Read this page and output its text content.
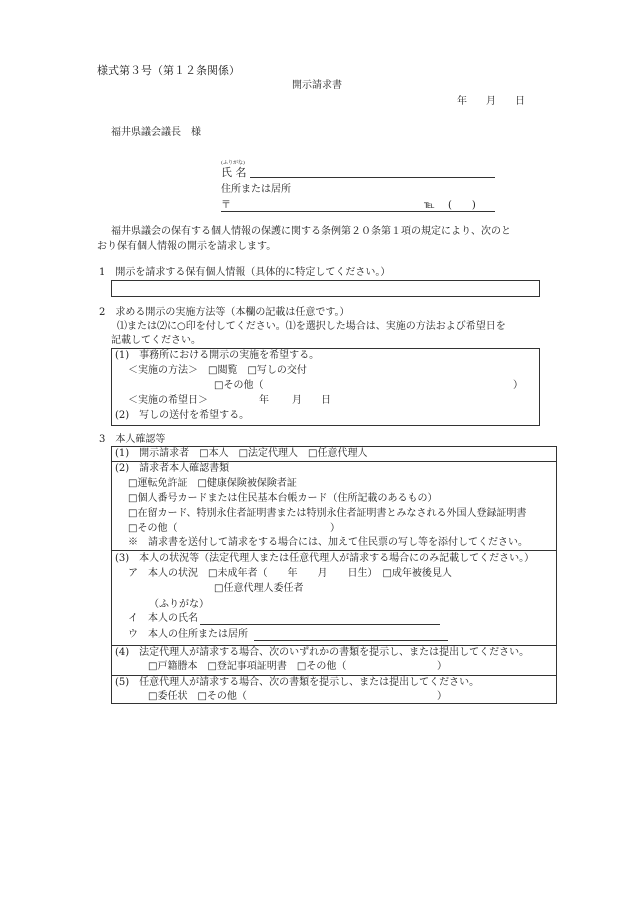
様式第３号（第１２条関係）
開示請求書
年 月 日
福井県議会議長　様
(ふりがな)
氏 名
住所または居所
〒	℡ (　　)
福井県議会の保有する個人情報の保護に関する条例第２０条第１項の規定により、次のと
おり保有個人情報の開示を請求します。
1　開示を請求する保有個人情報（具体的に特定してください。）
2　求める開示の実施方法等（本欄の記載は任意です。）
⑴または⑵に○印を付してください。⑴を選択した場合は、実施の方法および希望日を
記載してください。
(1)　事務所における開示の実施を希望する。
＜実施の方法＞　□閲覧　□写しの交付
□その他（	）
＜実施の希望日＞	年 月 日
(2)　写しの送付を希望する。
3　本人確認等
(1)　開示請求者　□本人　□法定代理人　□任意代理人
(2)　請求者本人確認書類
□運転免許証　□健康保険被保険者証
□個人番号カードまたは住民基本台帳カード（住所記載のあるもの）
□在留カード、特別永住者証明書または特別永住者証明書とみなされる外国人登録証明書
□その他（	）
※　請求書を送付して請求をする場合には、加えて住民票の写し等を添付してください。
(3)　本人の状況等（法定代理人または任意代理人が請求する場合にのみ記載してください。）
ア　本人の状況　□未成年者（　　年　　月　　日生）　□成年被後見人
□任意代理人委任者
（ふりがな）
イ　本人の氏名
ウ　本人の住所または居所
(4)　法定代理人が請求する場合、次のいずれかの書類を提示し、または提出してください。
□戸籍謄本　□登記事項証明書　□その他（	）
(5)　任意代理人が請求する場合、次の書類を提示し、または提出してください。
□委任状　□その他（	）
